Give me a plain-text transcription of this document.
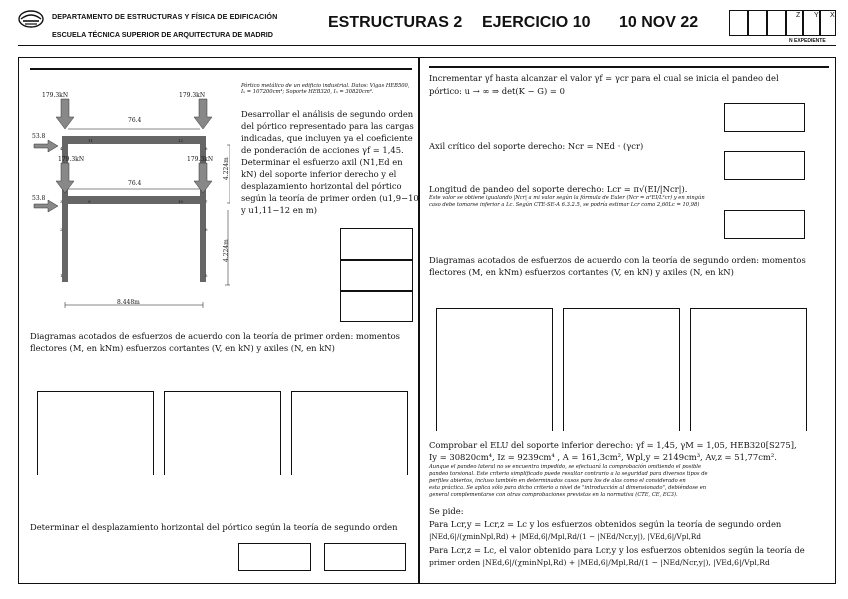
DEPARTAMENTO DE ESTRUCTURAS Y FÍSICA DE EDIFICACIÓN
ESCUELA TÉCNICA SUPERIOR DE ARQUITECTURA DE MADRID
ESTRUCTURAS 2 EJERCICIO 10 10 NOV 22	Z Y X
N EXPEDIENTE
179.3kN	179.3kN
53.8
76.4
179.3kN	179.3kN
53.8
76.4
4.224m
4.224m
8.448m
1
2
3
4
5
6
7
8
9	10
11	12
Pórtico metálico de un edificio industrial. Datos: Vigas HEB500, Iₙ = 107200cm⁴; Soporte HEB320, Iₙ = 30820cm⁴.
Desarrollar el análisis de segundo orden
del pórtico representado para las cargas
indicadas, que incluyen ya el coeficiente
de ponderación de acciones γf = 1,45.
Determinar el esfuerzo axil (N1,Ed en
kN) del soporte inferior derecho y el
desplazamiento horizontal del pórtico
según la teoría de primer orden (u1,9−10
y u1,11−12 en m)
Diagramas acotados de esfuerzos de acuerdo con la teoría de primer orden: momentos
flectores (M, en kNm) esfuerzos cortantes (V, en kN) y axiles (N, en kN)
Determinar el desplazamiento horizontal del pórtico según la teoría de segundo orden
Incrementar γf hasta alcanzar el valor γf = γcr para el cual se inicia el pandeo del
pórtico: u → ∞ ⇒ det(K − G) = 0
Axil crítico del soporte derecho: Ncr = NEd · (γcr)
Longitud de pandeo del soporte derecho: Lcr = π√(EI/|Ncr|).
Este valor se obtiene igualando |Ncr| a mi valor según la fórmula de Euler (Ncr = π²EI/L²cr) y en ningún
caso debe tomarse inferior a Lc. Según CTE-SE-A 6.3.2.5, se podría estimar Lcr como 2,60Lc = 10,98)
Diagramas acotados de esfuerzos de acuerdo con la teoría de segundo orden: momentos
flectores (M, en kNm) esfuerzos cortantes (V, en kN) y axiles (N, en kN)
Comprobar el ELU del soporte inferior derecho: γf = 1,45, γM = 1,05, HEB320[S275],
Iy = 30820cm⁴, Iz = 9239cm⁴ , A = 161,3cm², Wpl,y = 2149cm³, Av,z = 51,77cm².
Aunque el pandeo lateral no se encuentra impedido, se efectuará la comprobación omitiendo el posible
pandeo torsional. Este criterio simplificado puede resultar contrario a la seguridad para diversos tipos de
perfiles abiertos, incluso también en determinados casos para los de alas como el considerado en
esta práctica. Se aplica sólo para dicho criterio a nivel de "introducción al dimensionado", debiéndose en
general complementarse con otras comprobaciones previstas en la normativa (CTE, CE, EC3).
Se pide:
Para Lcr,y = Lcr,z = Lc y los esfuerzos obtenidos según la teoría de segundo orden
|NEd,6|/(χminNpl,Rd) + |MEd,6|/Mpl,Rd/(1 − |NEd/Ncr,y|), |VEd,6|/Vpl,Rd
Para Lcr,z = Lc, el valor obtenido para Lcr,y y los esfuerzos obtenidos según la teoría de
primer orden |NEd,6|/(χminNpl,Rd) + |MEd,6|/Mpl,Rd/(1 − |NEd/Ncr,y|), |VEd,6|/Vpl,Rd
